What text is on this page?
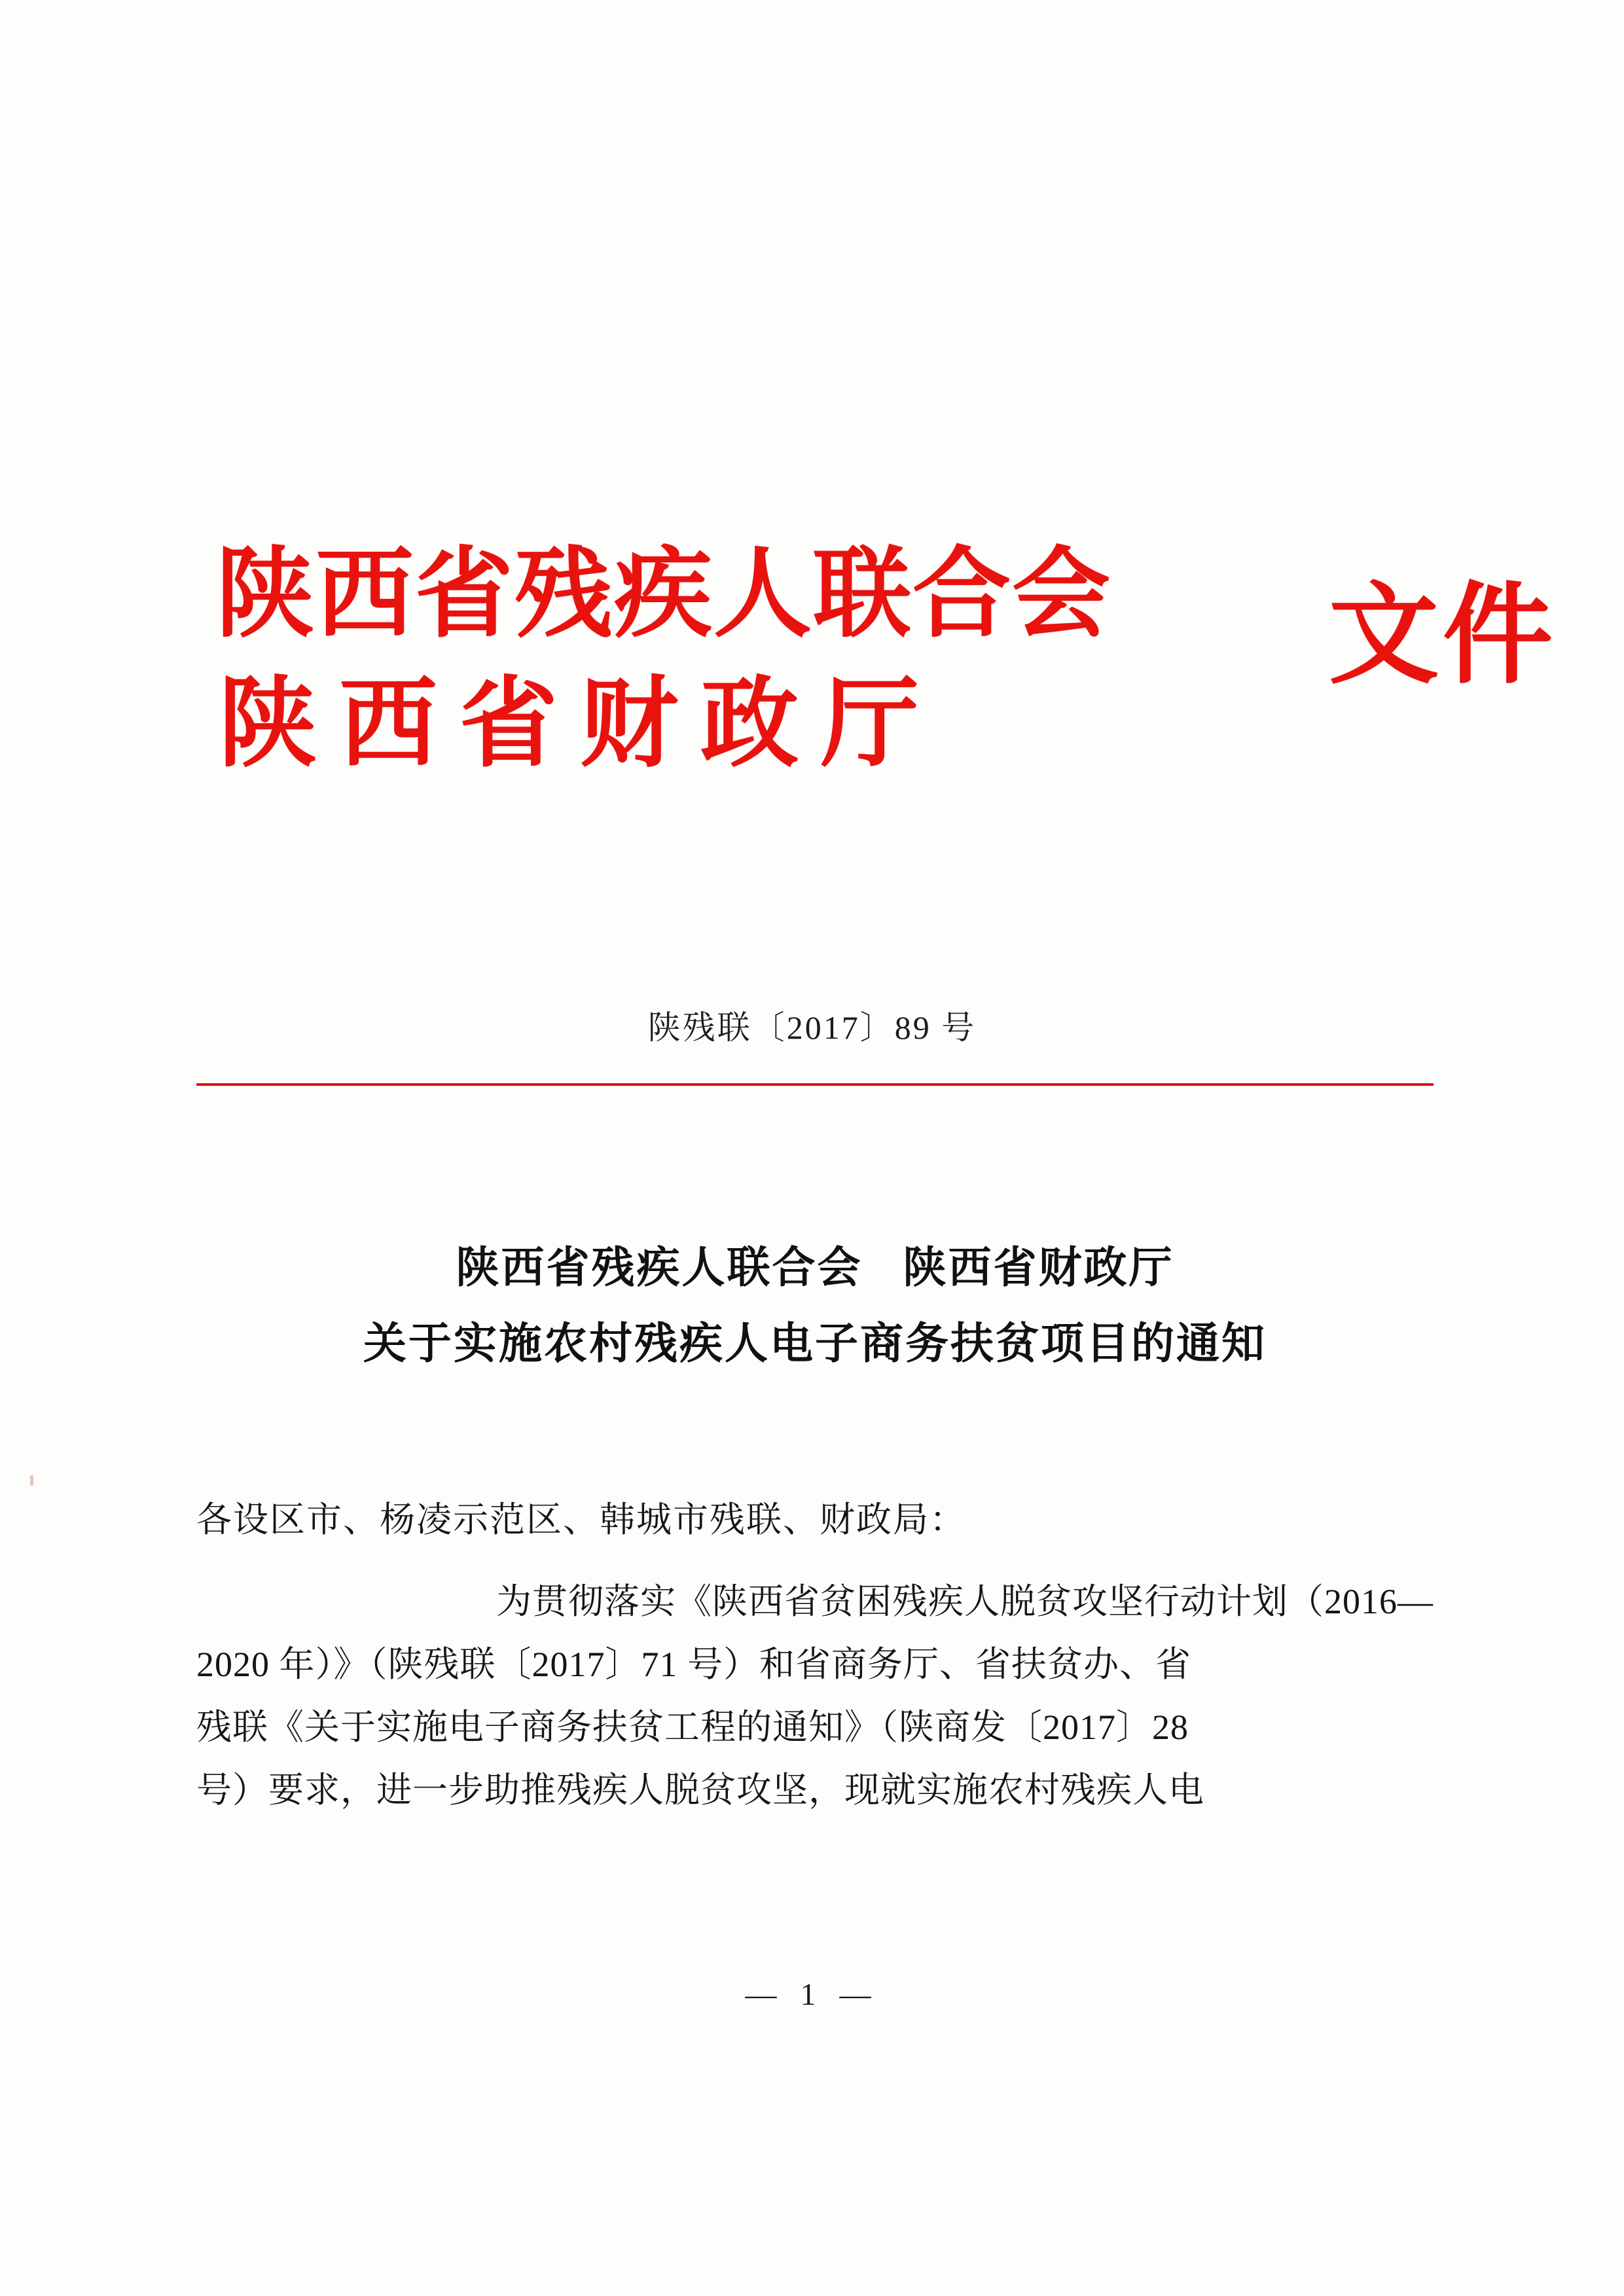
陕西省残疾人联合会
陕西省财政厅
文件
陕残联〔2017〕89 号
陕西省残疾人联合会 陕西省财政厅
关于实施农村残疾人电子商务扶贫项目的通知
各设区市、杨凌示范区、韩城市残联、财政局：
为贯彻落实《陕西省贫困残疾人脱贫攻坚行动计划（2016—
2020 年）》（陕残联〔2017〕71 号）和省商务厅、省扶贫办、省
残联《关于实施电子商务扶贫工程的通知》（陕商发〔2017〕28
号）要求，进一步助推残疾人脱贫攻坚，现就实施农村残疾人电
— 1 —
